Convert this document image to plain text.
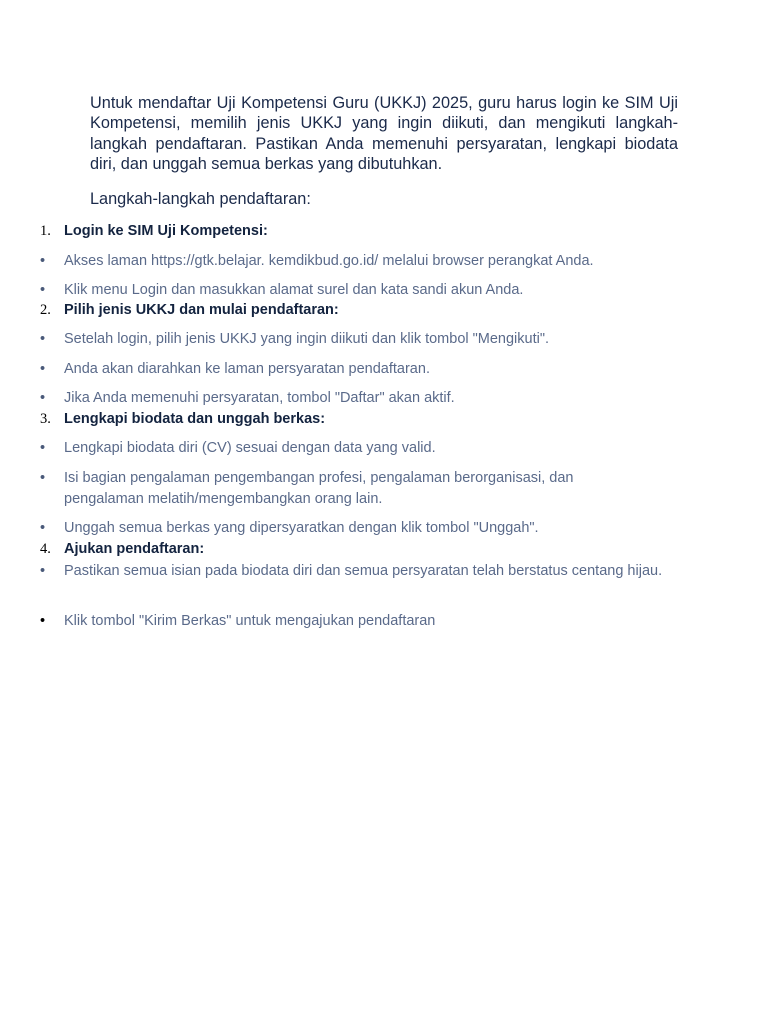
Untuk mendaftar Uji Kompetensi Guru (UKKJ) 2025, guru harus login ke SIM Uji Kompetensi, memilih jenis UKKJ yang ingin diikuti, dan mengikuti langkah-langkah pendaftaran. Pastikan Anda memenuhi persyaratan, lengkapi biodata diri, dan unggah semua berkas yang dibutuhkan.

Langkah-langkah pendaftaran:

1. Login ke SIM Uji Kompetensi:
• Akses laman https://gtk.belajar. kemdikbud.go.id/ melalui browser perangkat Anda.
• Klik menu Login dan masukkan alamat surel dan kata sandi akun Anda.
2. Pilih jenis UKKJ dan mulai pendaftaran:
• Setelah login, pilih jenis UKKJ yang ingin diikuti dan klik tombol "Mengikuti".
• Anda akan diarahkan ke laman persyaratan pendaftaran.
• Jika Anda memenuhi persyaratan, tombol "Daftar" akan aktif.
3. Lengkapi biodata dan unggah berkas:
• Lengkapi biodata diri (CV) sesuai dengan data yang valid.
• Isi bagian pengalaman pengembangan profesi, pengalaman berorganisasi, dan pengalaman melatih/mengembangkan orang lain.
• Unggah semua berkas yang dipersyaratkan dengan klik tombol "Unggah".
4. Ajukan pendaftaran:
• Pastikan semua isian pada biodata diri dan semua persyaratan telah berstatus centang hijau.
• Klik tombol "Kirim Berkas" untuk mengajukan pendaftaran
